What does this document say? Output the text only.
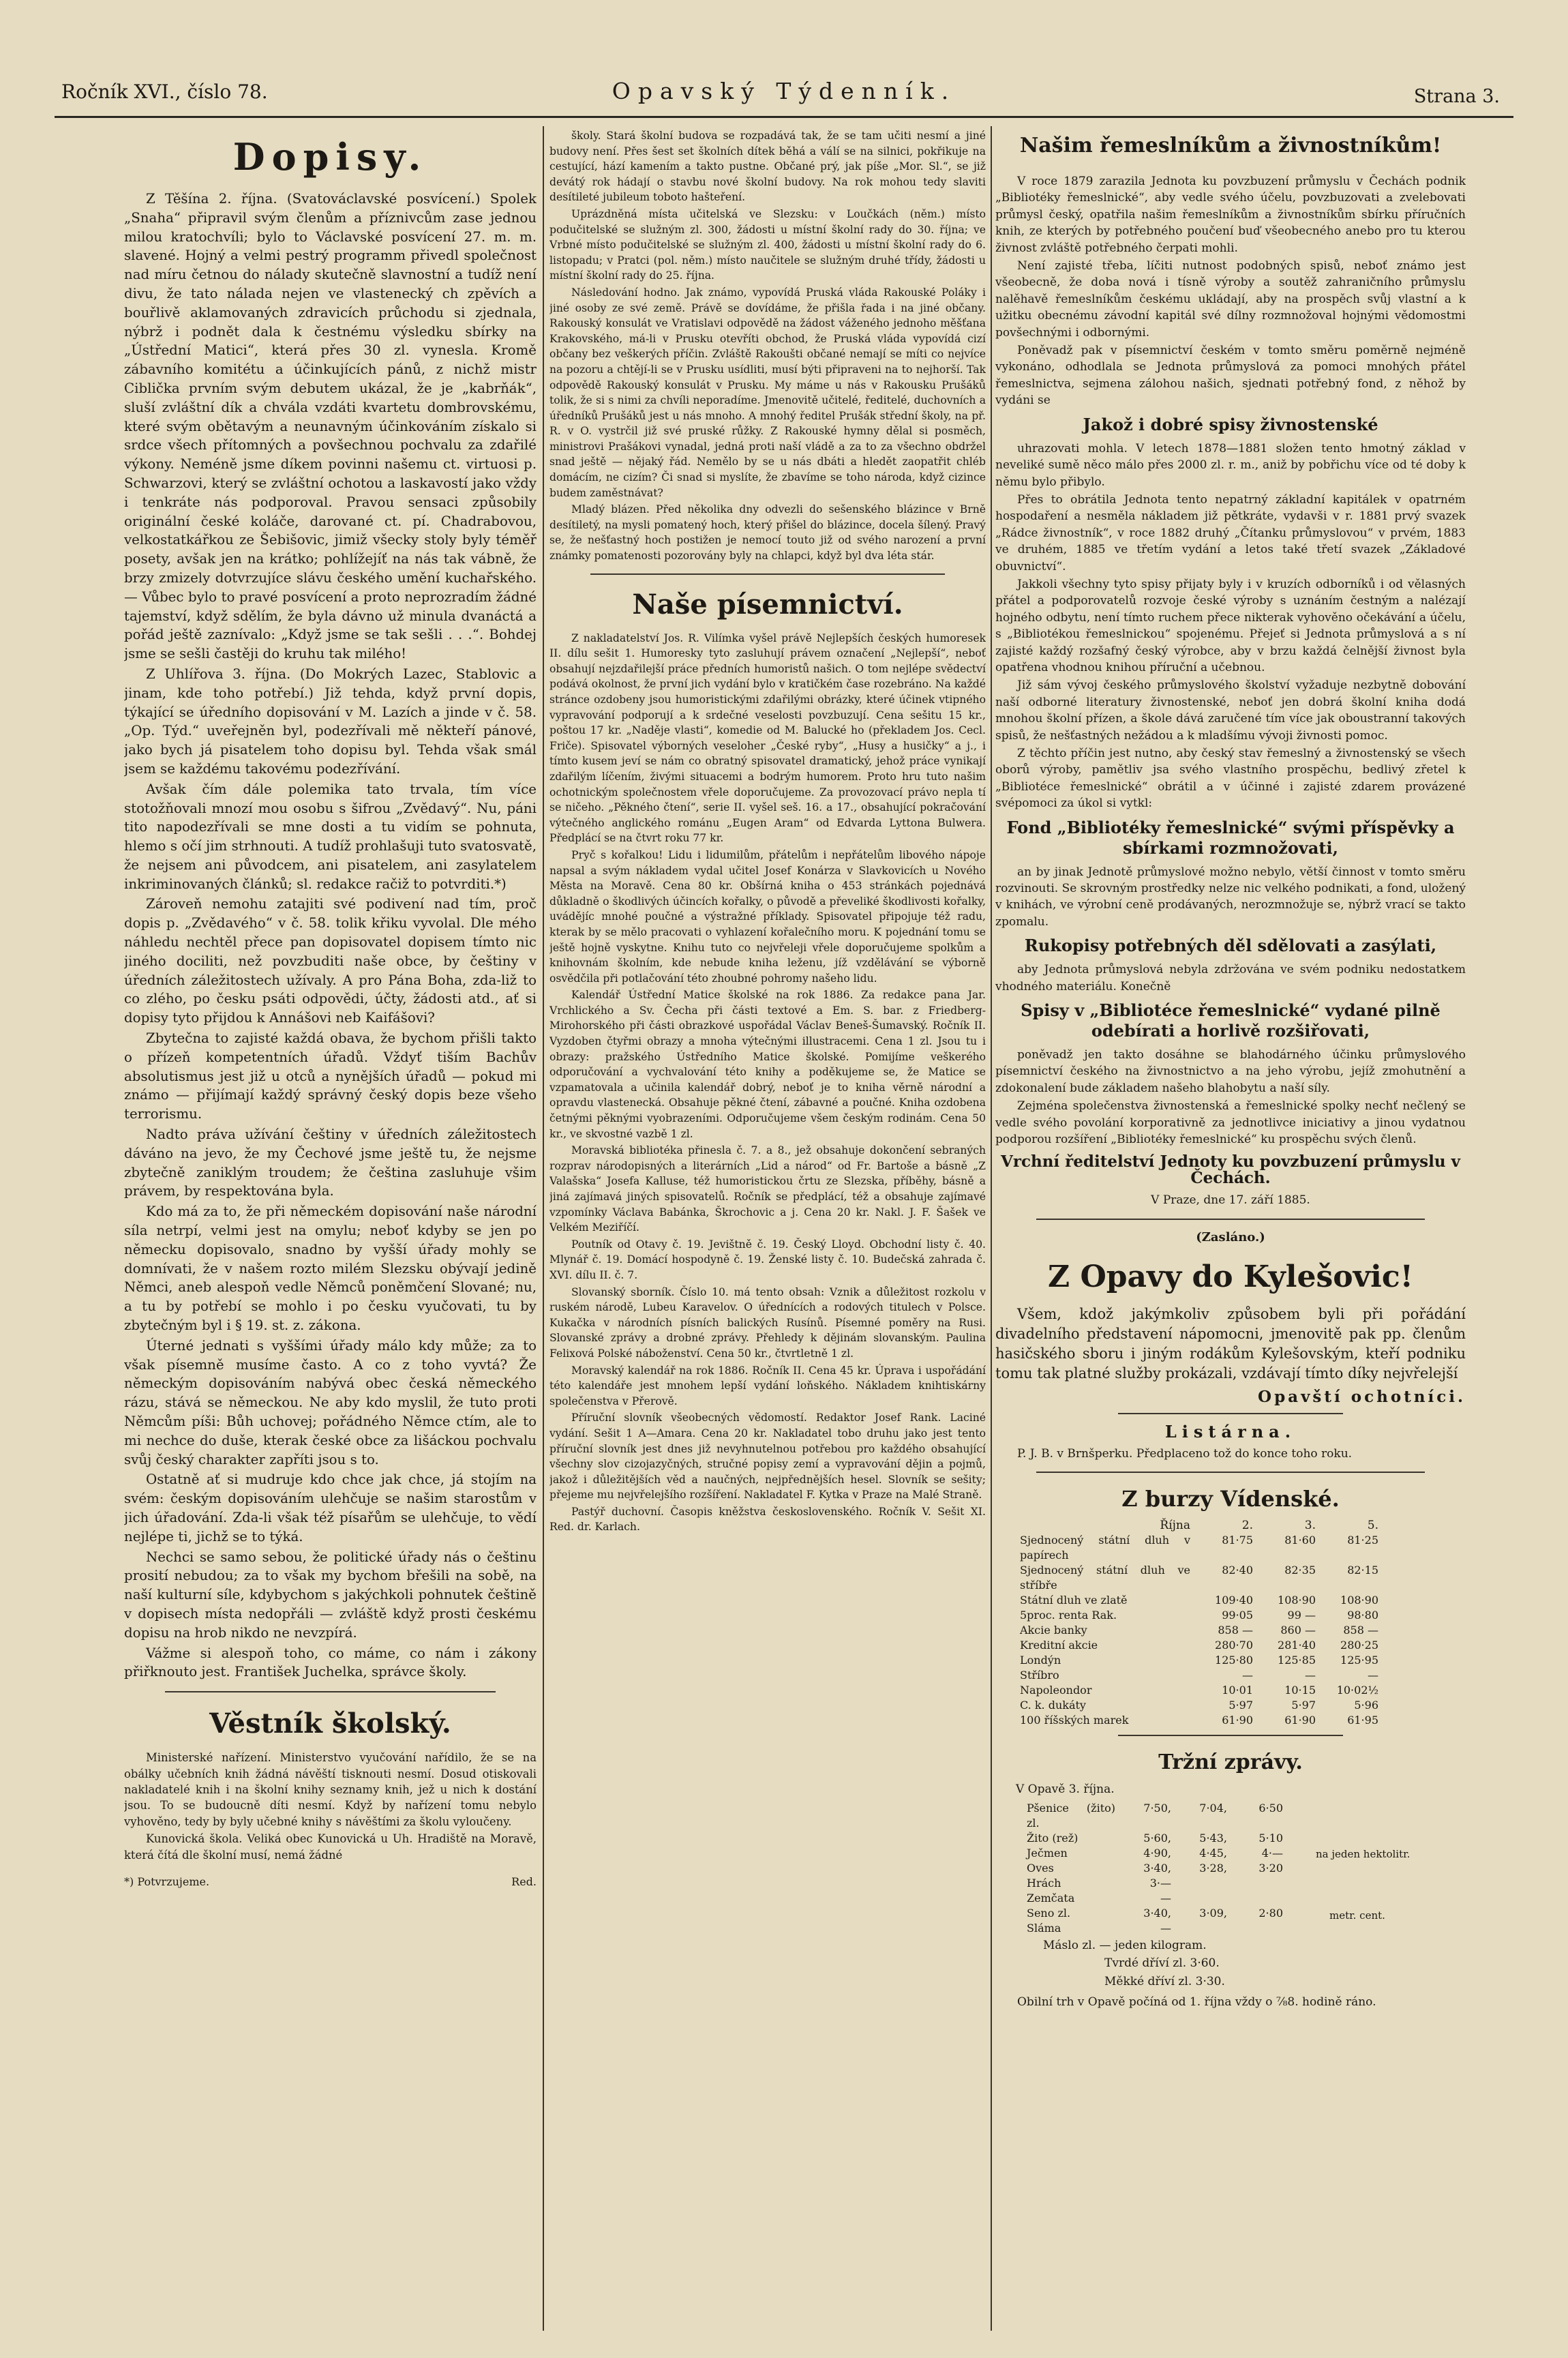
Ročník XVI., číslo 78.	Opavský Týdenník.	Strana 3.
Dopisy.

Z Těšína 2. října. (Svatováclavské posvícení.) Spolek „Snaha“ připravil svým členům a příznivcům zase jednou milou kratochvíli; bylo to Václavské posvícení 27. m. m. slavené. Hojný a velmi pestrý programm přivedl společnost nad míru četnou do nálady skutečně slavnostní a tudíž není divu, že tato nálada nejen ve vlastenecký ch zpěvích a bouřlivě aklamovaných zdravicích průchodu si zjednala, nýbrž i podnět dala k čestnému výsledku sbírky na „Ústřední Matici“, která přes 30 zl. vynesla. Kromě zábavního komitétu a účinkujících pánů, z nichž mistr Ciblička prvním svým debutem ukázal, že je „kabrňák“, sluší zvláštní dík a chvála vzdáti kvartetu dombrovskému, které svým obětavým a neunavným účinkováním získalo si srdce všech přítomných a povšechnou pochvalu za zdařilé výkony. Neméně jsme díkem povinni našemu ct. virtuosi p. Schwarzovi, který se zvláštní ochotou a laskavostí jako vždy i tenkráte nás podporoval. Pravou sensaci způsobily originální české koláče, darované ct. pí. Chadrabovou, velkostatkářkou ze Šebišovic, jimiž všecky stoly byly téměř posety, avšak jen na krátko; pohlížejíť na nás tak vábně, že brzy zmizely dotvrzujíce slávu českého umění kuchařského. — Vůbec bylo to pravé posvícení a proto neprozradím žádné tajemství, když sdělím, že byla dávno už minula dvanáctá a pořád ještě zaznívalo: „Když jsme se tak sešli . . .“. Bohdej jsme se sešli častěji do kruhu tak milého!

Z Uhlířova 3. října. (Do Mokrých Lazec, Stablovic a jinam, kde toho potřebí.) Již tehda, když první dopis, týkající se úředního dopisování v M. Lazích a jinde v č. 58. „Op. Týd.“ uveřejněn byl, podezřívali mě někteří pánové, jako bych já pisatelem toho dopisu byl. Tehda však smál jsem se každému takovému podezřívání.

Avšak čím dále polemika tato trvala, tím více stotožňovali mnozí mou osobu s šifrou „Zvědavý“. Nu, páni tito napodezřívali se mne dosti a tu vidím se pohnuta, hlemo s očí jim strhnouti. A tudíž prohlašuji tuto svatosvatě, že nejsem ani původcem, ani pisatelem, ani zasylatelem inkriminovaných článků; sl. redakce račiž to potvrditi.*)

Zároveň nemohu zatajiti své podivení nad tím, proč dopis p. „Zvědavého“ v č. 58. tolik křiku vyvolal. Dle mého náhledu nechtěl přece pan dopisovatel dopisem tímto nic jiného dociliti, než povzbuditi naše obce, by češtiny v úředních záležitostech užívaly. A pro Pána Boha, zda-liž to co zlého, po česku psáti odpovědi, účty, žádosti atd., ať si dopisy tyto přijdou k Annášovi neb Kaifášovi?

Zbytečna to zajisté každá obava, že bychom přišli takto o přízeň kompetentních úřadů. Vždyť tiším Bachův absolutismus jest již u otců a nynějších úřadů — pokud mi známo — přijímají každý správný český dopis beze všeho terrorismu.

Nadto práva užívání češtiny v úředních záležitostech dáváno na jevo, že my Čechové jsme ještě tu, že nejsme zbytečně zaniklým troudem; že čeština zasluhuje všim právem, by respektována byla.

Kdo má za to, že při německém dopisování naše národní síla netrpí, velmi jest na omylu; neboť kdyby se jen po německu dopisovalo, snadno by vyšší úřady mohly se domnívati, že v našem rozto milém Slezsku obývají jedině Němci, aneb alespoň vedle Němců poněmčení Slované; nu, a tu by potřebí se mohlo i po česku vyučovati, tu by zbytečným byl i § 19. st. z. zákona.

Úterné jednati s vyššími úřady málo kdy může; za to však písemně musíme často. A co z toho vyvtá? Že německým dopisováním nabývá obec česká německého rázu, stává se německou. Ne aby kdo myslil, že tuto proti Němcům píši: Bůh uchovej; pořádného Němce ctím, ale to mi nechce do duše, kterak české obce za lišáckou pochvalu svůj český charakter zapříti jsou s to.

Ostatně ať si mudruje kdo chce jak chce, já stojím na svém: českým dopisováním ulehčuje se našim starostům v jich úřadování. Zda-li však též písařům se ulehčuje, to vědí nejlépe ti, jichž se to týká.

Nechci se samo sebou, že politické úřady nás o češtinu prosití nebudou; za to však my bychom břešili na sobě, na naší kulturní síle, kdybychom s jakýchkoli pohnutek češtině v dopisech místa nedopřáli — zvláště když prosti českému dopisu na hrob nikdo ne nevzpírá.

Vážme si alespoň toho, co máme, co nám i zákony přiřknouto jest. František Juchelka, správce školy.

Věstník školský.

Ministerské nařízení. Ministerstvo vyučování nařídilo, že se na obálky učebních knih žádná návěští tisknouti nesmí. Dosud otiskovali nakladatelé knih i na školní knihy seznamy knih, jež u nich k dostání jsou. To se budoucně díti nesmí. Když by nařízení tomu nebylo vyhověno, tedy by byly učebné knihy s návěštími za školu vyloučeny.

Kunovická škola. Veliká obec Kunovická u Uh. Hradiště na Moravě, která čítá dle školní musí, nemá žádné

*) Potvrzujeme.	Red.

školy. Stará školní budova se rozpadává tak, že se tam učiti nesmí a jiné budovy není. Přes šest set školních dítek běhá a válí se na silnici, pokřikuje na cestující, hází kamením a takto pustne. Občané prý, jak píše „Mor. Sl.“, se již devátý rok hádají o stavbu nové školní budovy. Na rok mohou tedy slaviti desítileté jubileum toboto hašteření.

Uprázdněná místa učitelská ve Slezsku: v Loučkách (něm.) místo podučitelské se služným zl. 300, žádosti u místní školní rady do 30. října; ve Vrbné místo podučitelské se služným zl. 400, žádosti u místní školní rady do 6. listopadu; v Pratci (pol. něm.) místo naučitele se služným druhé třídy, žádosti u místní školní rady do 25. října.

Následování hodno. Jak známo, vypovídá Pruská vláda Rakouské Poláky i jiné osoby ze své země. Právě se dovídáme, že přišla řada i na jiné občany. Rakouský konsulát ve Vratislavi odpovědě na žádost váženého jednoho měšťana Krakovského, má-li v Prusku otevříti obchod, že Pruská vláda vypovídá cizí občany bez veškerých příčin. Zvláště Rakoušti občané nemají se míti co nejvíce na pozoru a chtějí-li se v Prusku usídliti, musí býti připraveni na to nejhorší. Tak odpovědě Rakouský konsulát v Prusku. My máme u nás v Rakousku Prušáků tolik, že si s nimi za chvíli neporadíme. Jmenovitě učitelé, ředitelé, duchovních a úředníků Prušáků jest u nás mnoho. A mnohý ředitel Prušák střední školy, na př. R. v O. vystrčil již své pruské růžky. Z Rakouské hymny dělal si posměch, ministrovi Prašákovi vynadal, jedná proti naší vládě a za to za všechno obdržel snad ještě — nějaký řád. Nemělo by se u nás dbáti a hledět zaopatřit chléb domácím, ne cizím? Či snad si myslíte, že zbavíme se toho národa, když cizince budem zaměstnávat?

Mladý blázen. Před několika dny odvezli do sešenského blázince v Brně desítiletý, na mysli pomatený hoch, který přišel do blázince, docela šílený. Pravý se, že nešťastný hoch postižen je nemocí touto již od svého narození a první známky pomatenosti pozorovány byly na chlapci, když byl dva léta stár.

Naše písemnictví.

Z nakladatelství Jos. R. Vilímka vyšel právě Nejlepších českých humoresek II. dílu sešit 1. Humoresky tyto zasluhují právem označení „Nejlepší“, neboť obsahují nejzdařilejší práce předních humoristů našich. O tom nejlépe svědectví podává okolnost, že první jich vydání bylo v kratičkém čase rozebráno. Na každé stránce ozdobeny jsou humoristickými zdařilými obrázky, které účinek vtipného vypravování podporují a k srdečné veselosti povzbuzují. Cena sešitu 15 kr., poštou 17 kr. „Naděje vlasti“, komedie od M. Balucké ho (překladem Jos. Cecl. Friče). Spisovatel výborných veseloher „České ryby“, „Husy a husičky“ a j., i tímto kusem jeví se nám co obratný spisovatel dramatický, jehož práce vynikají zdařilým líčením, živými situacemi a bodrým humorem. Proto hru tuto našim ochotnickým společnostem vřele doporučujeme. Za provozovací právo nepla tí se ničeho. „Pěkného čtení“, serie II. vyšel seš. 16. a 17., obsahující pokračování výtečného anglického románu „Eugen Aram“ od Edvarda Lyttona Bulwera. Předplácí se na čtvrt roku 77 kr.

Pryč s kořalkou! Lidu i lidumilům, přátelům i nepřátelům libového nápoje napsal a svým nákladem vydal učitel Josef Konárza v Slavkovicích u Nového Města na Moravě. Cena 80 kr. Obšírná kniha o 453 stránkách pojednává důkladně o škodlivých účincích kořalky, o původě a převeliké škodlivosti kořalky, uvádějíc mnohé poučné a výstražné příklady. Spisovatel připojuje též radu, kterak by se mělo pracovati o vyhlazení kořalečního moru. K pojednání tomu se ještě hojně vyskytne. Knihu tuto co nejvřeleji vřele doporučujeme spolkům a knihovnám školním, kde nebude kniha leženu, jíž vzdělávání se výborně osvědčila při potlačování této zhoubné pohromy našeho lidu.

Kalendář Ústřední Matice školské na rok 1886. Za redakce pana Jar. Vrchlického a Sv. Čecha při části textové a Em. S. bar. z Friedberg-Mirohorského při části obrazkové uspořádal Václav Beneš-Šumavský. Ročník II. Vyzdoben čtyřmi obrazy a mnoha výtečnými illustracemi. Cena 1 zl. Jsou tu i obrazy: pražského Ústředního Matice školské. Pomijíme veškerého odporučování a vychvalování této knihy a poděkujeme se, že Matice se vzpamatovala a učinila kalendář dobrý, neboť je to kniha věrně národní a opravdu vlastenecká. Obsahuje pěkné čtení, zábavné a poučné. Kniha ozdobena četnými pěknými vyobrazeními. Odporučujeme všem českým rodinám. Cena 50 kr., ve skvostné vazbě 1 zl.

Moravská bibliotéka přinesla č. 7. a 8., jež obsahuje dokončení sebraných rozprav národopisných a literárních „Lid a národ“ od Fr. Bartoše a básně „Z Valašska“ Josefa Kalluse, též humoristickou črtu ze Slezska, příběhy, básně a jiná zajímavá jiných spisovatelů. Ročník se předplácí, též a obsahuje zajímavé vzpomínky Václava Babánka, Škrochovic a j. Cena 20 kr. Nakl. J. F. Šašek ve Velkém Meziříčí.

Poutník od Otavy č. 19. Jevištně č. 19. Český Lloyd. Obchodní listy č. 40. Mlynář č. 19. Domácí hospodyně č. 19. Ženské listy č. 10. Budečská zahrada č. XVI. dílu II. č. 7.

Slovanský sborník. Číslo 10. má tento obsah: Vznik a důležitost rozkolu v ruském národě, Lubeu Karavelov. O úřednících a rodových titulech v Polsce. Kukačka v národních písních balických Rusínů. Písemné poměry na Rusi. Slovanské zprávy a drobné zprávy. Přehledy k dějinám slovanským. Paulina Felixová Polské náboženství. Cena 50 kr., čtvrtletně 1 zl.

Moravský kalendář na rok 1886. Ročník II. Cena 45 kr. Úprava i uspořádání této kalendáře jest mnohem lepší vydání loňského. Nákladem knihtiskárny společenstva v Přerově.

Příruční slovník všeobecných vědomostí. Redaktor Josef Rank. Laciné vydání. Sešit 1 A—Amara. Cena 20 kr. Nakladatel tobo druhu jako jest tento příruční slovník jest dnes již nevyhnutelnou potřebou pro každého obsahující všechny slov cizojazyčných, stručné popisy zemí a vypravování dějin a pojmů, jakož i důležitějších věd a naučných, nejpřednějších hesel. Slovník se sešity; přejeme mu nejvřelejšího rozšíření. Nakladatel F. Kytka v Praze na Malé Straně.

Pastýř duchovní. Časopis kněžstva československého. Ročník V. Sešit XI. Red. dr. Karlach.

Našim řemeslníkům a živnostníkům!

V roce 1879 zarazila Jednota ku povzbuzení průmyslu v Čechách podnik „Bibliotéky řemeslnické“, aby vedle svého účelu, povzbuzovati a zvelebovati průmysl český, opatřila našim řemeslníkům a živnostníkům sbírku příručních knih, ze kterých by potřebného poučení buď všeobecného anebo pro tu kterou živnost zvláště potřebného čerpati mohli.

Není zajisté třeba, líčiti nutnost podobných spisů, neboť známo jest všeobecně, že doba nová i tísně výroby a soutěž zahraničního průmyslu nalěhavě řemeslníkům českému ukládají, aby na prospěch svůj vlastní a k užitku obecnému závodní kapitál své dílny rozmnožoval hojnými vědomostmi povšechnými i odbornými.

Poněvadž pak v písemnictví českém v tomto směru poměrně nejméně vykonáno, odhodlala se Jednota průmyslová za pomoci mnohých přátel řemeslnictva, sejmena zálohou našich, sjednati potřebný fond, z něhož by vydáni se

Jakož i dobré spisy živnostenské

uhrazovati mohla. V letech 1878—1881 složen tento hmotný základ v neveliké sumě něco málo přes 2000 zl. r. m., aniž by pobřichu více od té doby k němu bylo přibylo.

Přes to obrátila Jednota tento nepatrný základní kapitálek v opatrném hospodaření a nesměla nákladem již pětkráte, vydavši v r. 1881 prvý svazek „Rádce živnostník“, v roce 1882 druhý „Čítanku průmyslovou“ v prvém, 1883 ve druhém, 1885 ve třetím vydání a letos také třetí svazek „Základové obuvnictví“.

Jakkoli všechny tyto spisy přijaty byly i v kruzích odborníků i od vělasných přátel a podporovatelů rozvoje české výroby s uznáním čestným a nalézají hojného odbytu, není tímto ruchem přece nikterak vyhověno očekávání a účelu, s „Bibliotékou řemeslnickou“ spojenému. Přejeť si Jednota průmyslová a s ní zajisté každý rozšafný český výrobce, aby v brzu každá čelnější živnost byla opatřena vhodnou knihou příruční a učebnou.

Již sám vývoj českého průmyslového školství vyžaduje nezbytně dobování naší odborné literatury živnostenské, neboť jen dobrá školní kniha dodá mnohou školní přízen, a škole dává zaručené tím více jak oboustranní takových spisů, že nešťastných nežádou a k mladšímu vývoji živnosti pomoc.

Z těchto příčin jest nutno, aby český stav řemeslný a živnostenský se všech oborů výroby, pamětliv jsa svého vlastního prospěchu, bedlivý zřetel k „Bibliotéce řemeslnické“ obrátil a v účinné i zajisté zdarem provázené svépomoci za úkol si vytkl:

Fond „Bibliotéky řemeslnické“ svými příspěvky a sbírkami rozmnožovati,

an by jinak Jednotě průmyslové možno nebylo, větší činnost v tomto směru rozvinouti. Se skrovným prostředky nelze nic velkého podnikati, a fond, uložený v knihách, ve výrobní ceně prodávaných, nerozmnožuje se, nýbrž vrací se takto zpomalu.

Rukopisy potřebných děl sdělovati a zasýlati,

aby Jednota průmyslová nebyla zdržována ve svém podniku nedostatkem vhodného materiálu. Konečně

Spisy v „Bibliotéce řemeslnické“ vydané pilně odebírati a horlivě rozšiřovati,

poněvadž jen takto dosáhne se blahodárného účinku průmyslového písemnictví českého na živnostnictvo a na jeho výrobu, jejíž zmohutnění a zdokonalení bude základem našeho blahobytu a naší síly.

Zejména společenstva živnostenská a řemeslnické spolky nechť nečlený se vedle svého povolání korporativně za jednotlivce iniciativy a jinou vydatnou podporou rozšíření „Bibliotéky řemeslnické“ ku prospěchu svých členů.

Vrchní ředitelství Jednoty ku povzbuzení průmyslu v Čechách.
V Praze, dne 17. září 1885.
(Zasláno.)
Z Opavy do Kylešovic!

Všem, kdož jakýmkoliv způsobem byli při pořádání divadelního představení nápomocni, jmenovitě pak pp. členům hasičského sboru i jiným rodákům Kylešovským, kteří podniku tomu tak platné služby prokázali, vzdávají tímto díky nejvřelejší

Opavští ochotníci.
Listárna.

P. J. B. v Brnšperku. Předplaceno tož do konce toho roku.

Z burzy Vídenské.
Října	2.	3.	5.
Sjednocený státní dluh v papírech	81·75	81·60	81·25
Sjednocený státní dluh ve stříbře	82·40	82·35	82·15
Státní dluh ve zlatě	109·40	108·90	108·90
5proc. renta Rak.	99·05	99 —	98·80
Akcie banky	858 —	860 —	858 —
Kreditní akcie	280·70	281·40	280·25
Londýn	125·80	125·85	125·95
Stříbro	—	—	—
Napoleondor	10·01	10·15	10·02½
C. k. dukáty	5·97	5·97	5·96
100 říšských marek	61·90	61·90	61·95
Tržní zprávy.
V Opavě 3. října.
Pšenice (žito) zl.	7·50,	7·04,	6·50
Žito (rež)	5·60,	5·43,	5·10
Ječmen	4·90,	4·45,	4·—
Oves	3·40,	3·28,	3·20
Hrách	3·—		
Zemčata	—		
Seno zl.	3·40,	3·09,	2·80
Sláma	—		
na jeden hektolitr.
metr. cent.
Máslo zl. — jeden kilogram.
Tvrdé dříví zl. 3·60.
Měkké dříví zl. 3·30.

Obilní trh v Opavě počíná od 1. října vždy o ⅞8. hodině ráno.
